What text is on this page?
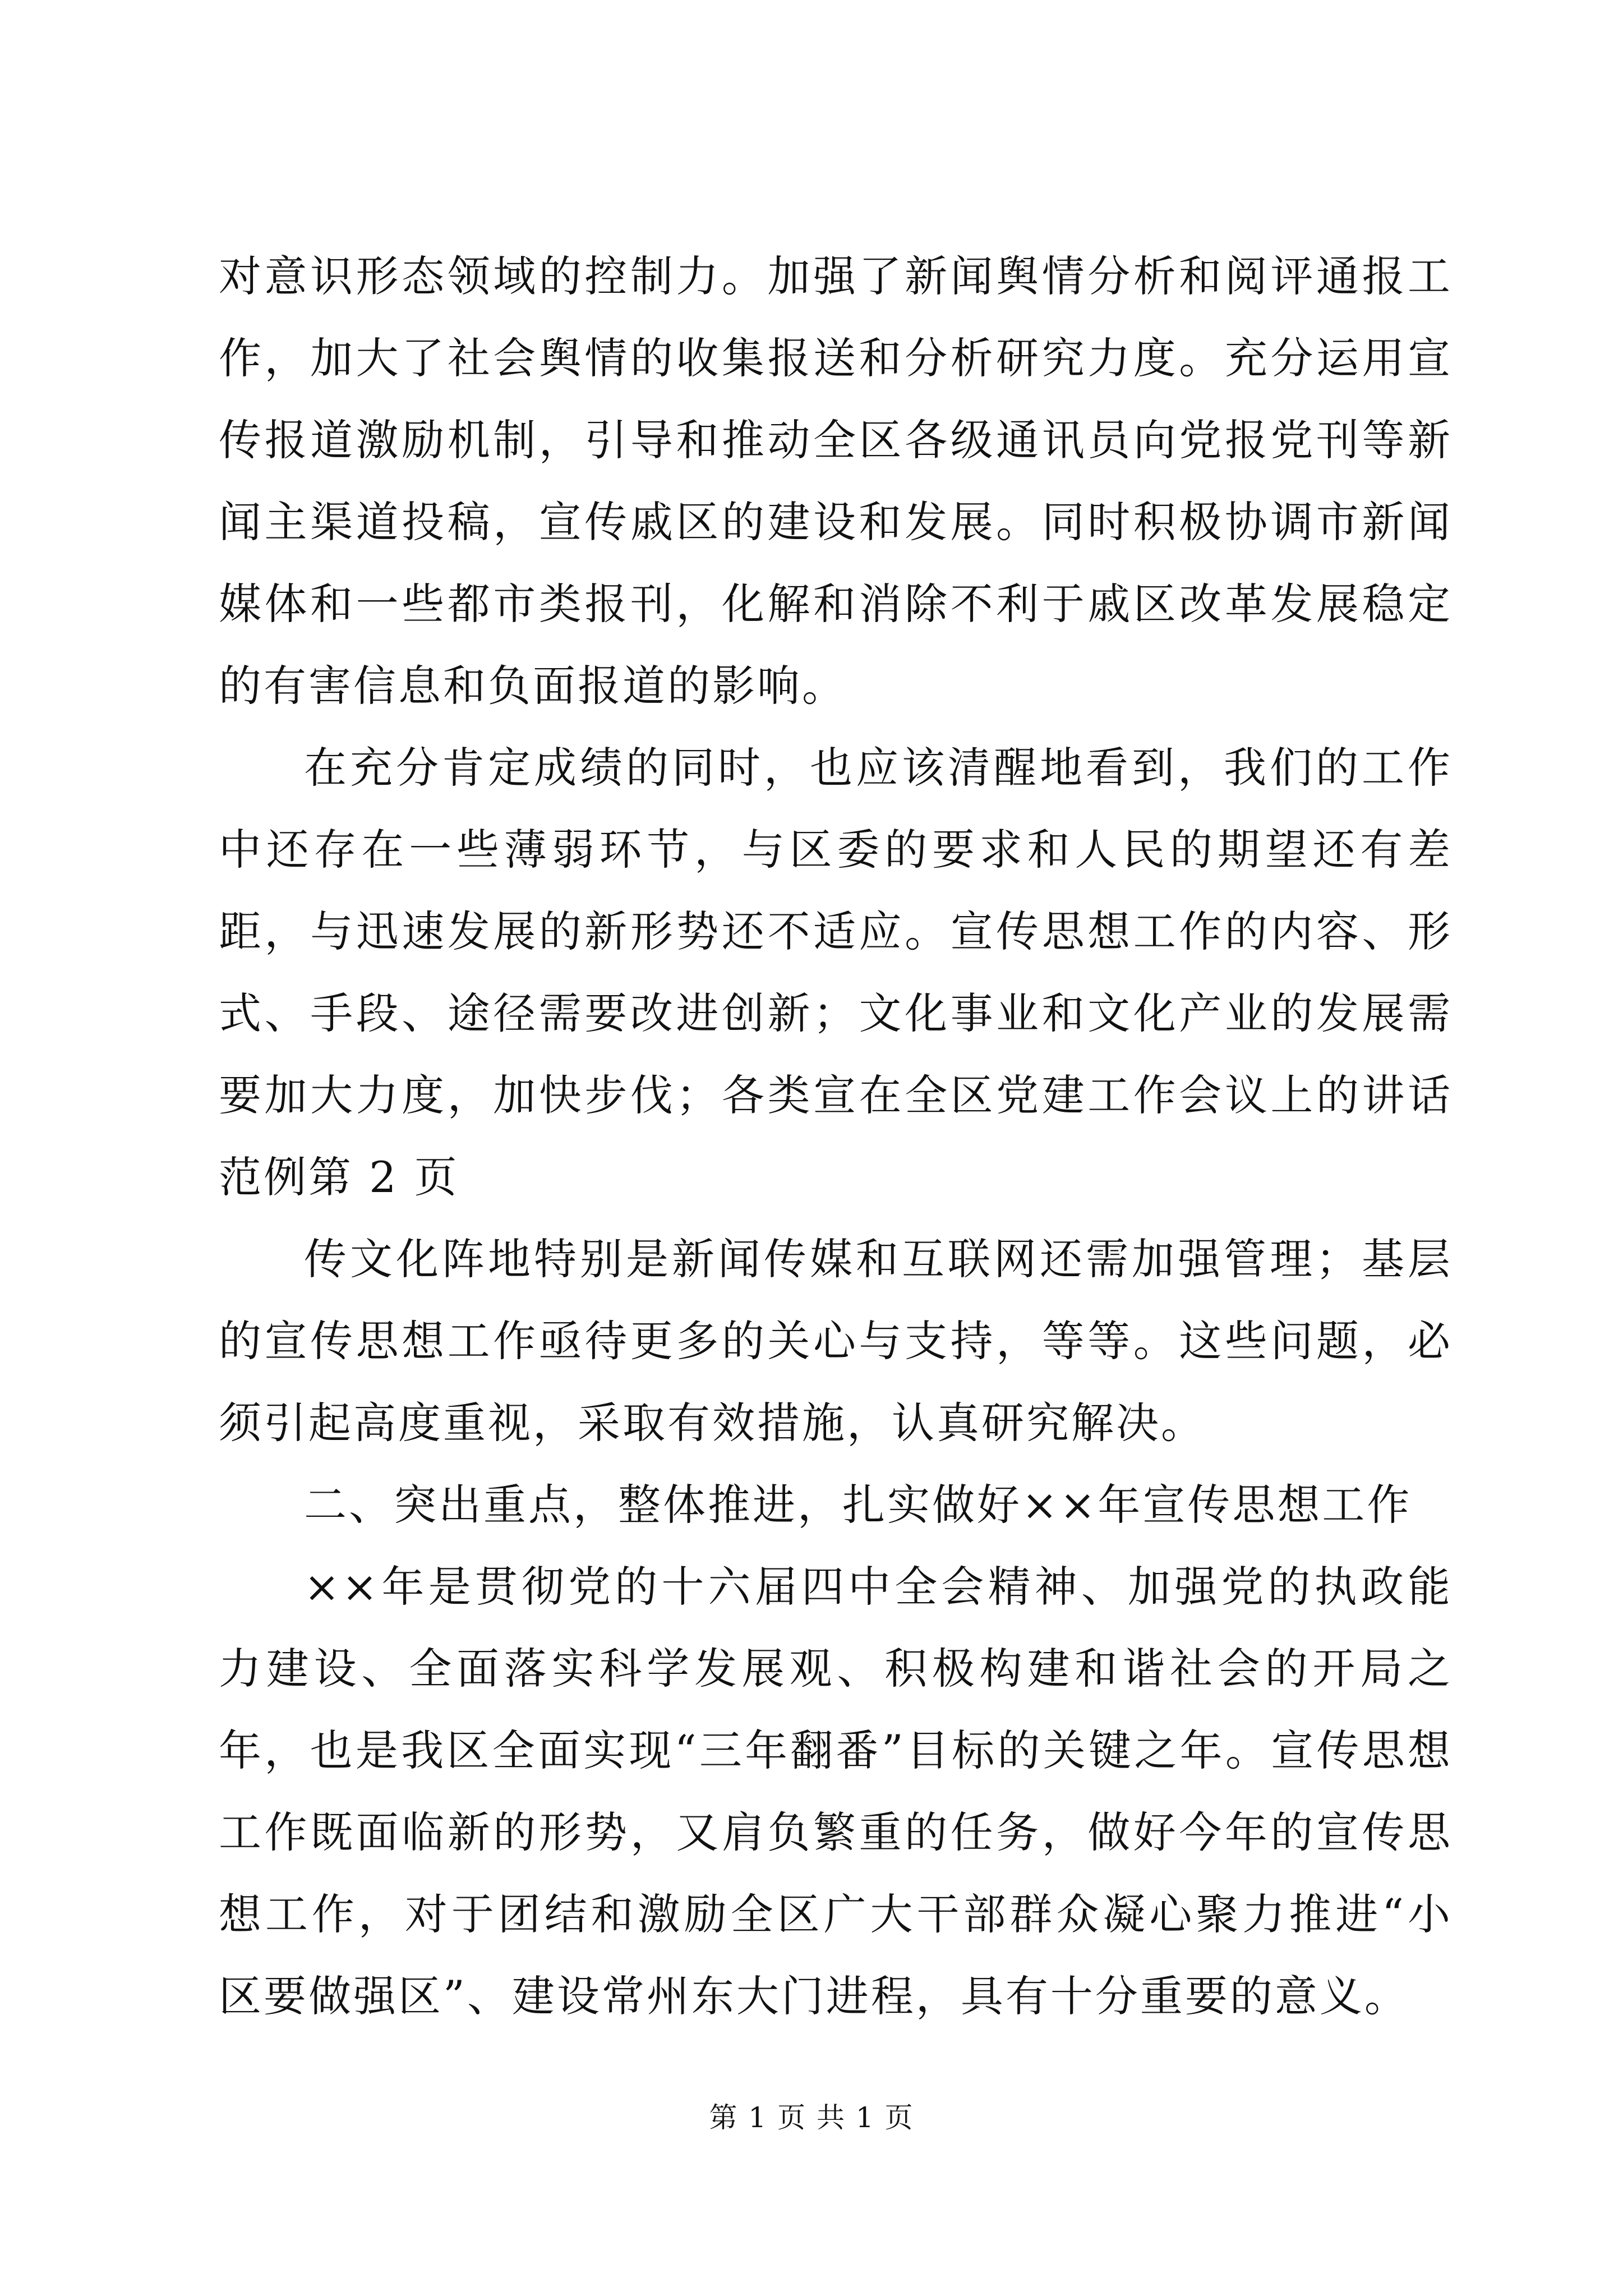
对意识形态领域的控制力。加强了新闻舆情分析和阅评通报工作，加大了社会舆情的收集报送和分析研究力度。充分运用宣传报道激励机制，引导和推动全区各级通讯员向党报党刊等新闻主渠道投稿，宣传戚区的建设和发展。同时积极协调市新闻媒体和一些都市类报刊，化解和消除不利于戚区改革发展稳定的有害信息和负面报道的影响。

在充分肯定成绩的同时，也应该清醒地看到，我们的工作中还存在一些薄弱环节，与区委的要求和人民的期望还有差距，与迅速发展的新形势还不适应。宣传思想工作的内容、形式、手段、途径需要改进创新；文化事业和文化产业的发展需要加大力度，加快步伐；各类宣在全区党建工作会议上的讲话范例第 2 页

传文化阵地特别是新闻传媒和互联网还需加强管理；基层的宣传思想工作亟待更多的关心与支持，等等。这些问题，必须引起高度重视，采取有效措施，认真研究解决。

二、突出重点，整体推进，扎实做好××年宣传思想工作

××年是贯彻党的十六届四中全会精神、加强党的执政能力建设、全面落实科学发展观、积极构建和谐社会的开局之年，也是我区全面实现“三年翻番”目标的关键之年。宣传思想工作既面临新的形势，又肩负繁重的任务，做好今年的宣传思想工作，对于团结和激励全区广大干部群众凝心聚力推进“小区要做强区”、建设常州东大门进程，具有十分重要的意义。

第 1 页 共 1 页
